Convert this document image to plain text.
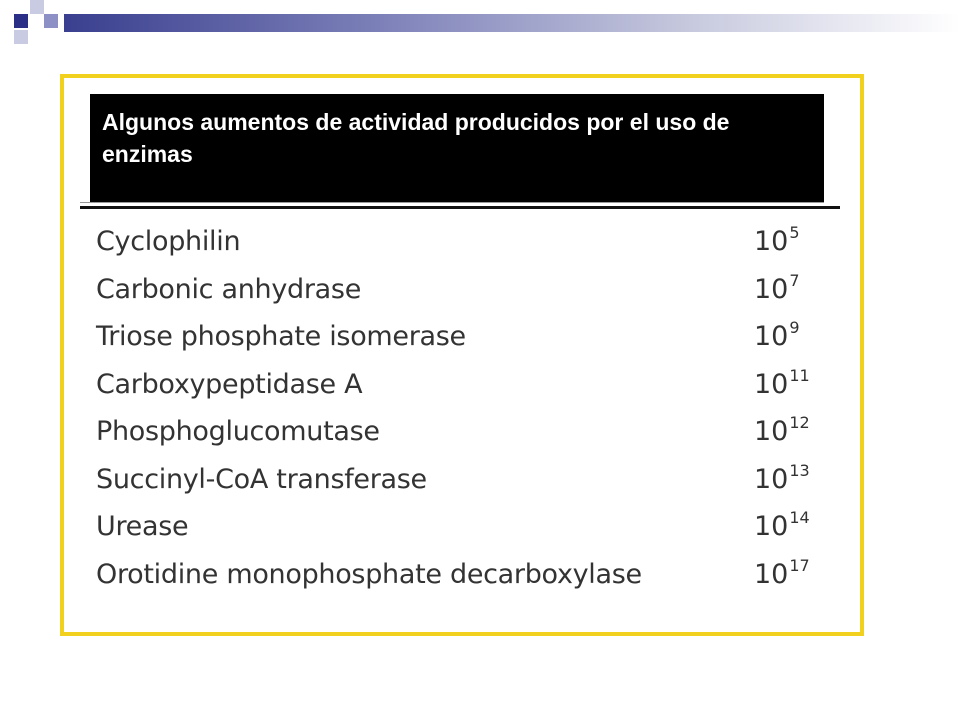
Algunos aumentos de actividad producidos por el uso de enzimas
Cyclophilin	$10^5$
Carbonic anhydrase	$10^7$
Triose phosphate isomerase	$10^9$
Carboxypeptidase A	$10^{11}$
Phosphoglucomutase	$10^{12}$
Succinyl-CoA transferase	$10^{13}$
Urease	$10^{14}$
Orotidine monophosphate decarboxylase	$10^{17}$
